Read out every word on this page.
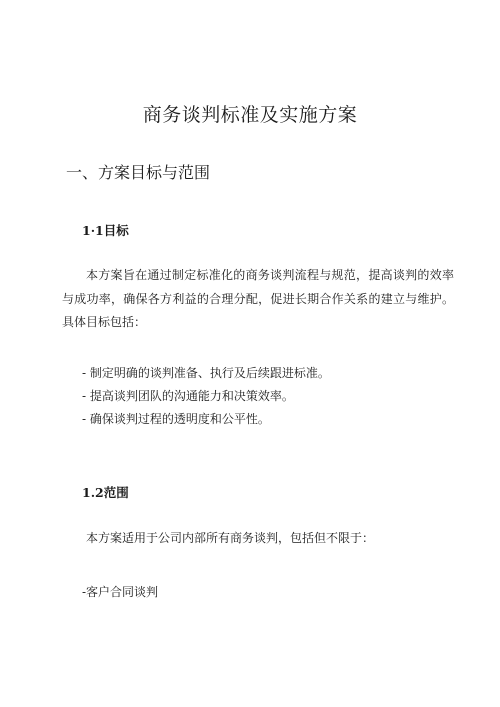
商务谈判标准及实施方案
一、方案目标与范围
1·1目标
本方案旨在通过制定标准化的商务谈判流程与规范，提高谈判的效率与成功率，确保各方利益的合理分配，促进长期合作关系的建立与维护。具体目标包括：
- 制定明确的谈判准备、执行及后续跟进标准。
- 提高谈判团队的沟通能力和决策效率。
- 确保谈判过程的透明度和公平性。
1.2范围
本方案适用于公司内部所有商务谈判，包括但不限于：
-客户合同谈判
